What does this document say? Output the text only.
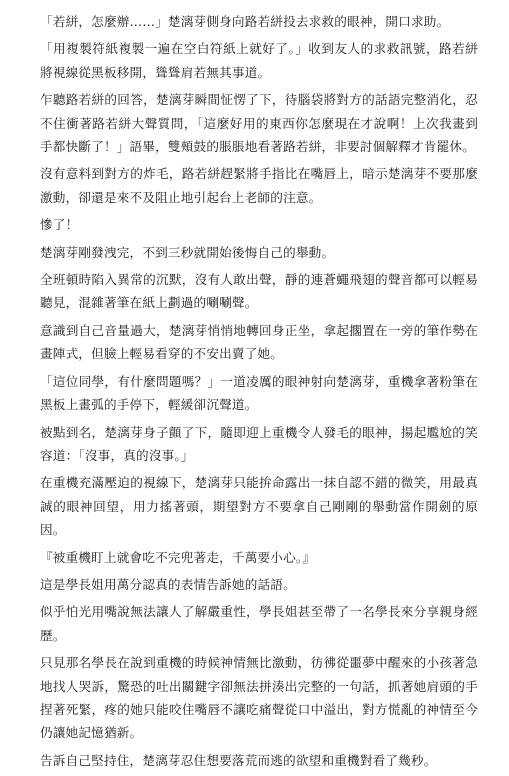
「若絣，怎麼辦……」楚漓芽側身向路若絣投去求救的眼神，開口求助。

「用複製符紙複製一遍在空白符紙上就好了。」收到友人的求救訊號，路若絣將視線從黑板移開，聳聳肩若無其事道。

乍聽路若絣的回答，楚漓芽瞬間怔愣了下，待腦袋將對方的話語完整消化，忍不住衝著路若絣大聲質問，「這麼好用的東西你怎麼現在才說啊！上次我畫到手都快斷了！」語畢，雙頰鼓的脹脹地看著路若絣，非要討個解釋才肯罷休。

沒有意料到對方的炸毛，路若絣趕緊將手指比在嘴唇上，暗示楚漓芽不要那麼激動，卻還是來不及阻止地引起台上老師的注意。

慘了！

楚漓芽剛發洩完，不到三秒就開始後悔自己的舉動。

全班頓時陷入異常的沉默，沒有人敢出聲，靜的連蒼蠅飛翅的聲音都可以輕易聽見，混雜著筆在紙上劃過的唰唰聲。

意識到自己音量過大，楚漓芽悄悄地轉回身正坐，拿起擱置在一旁的筆作勢在畫陣式，但臉上輕易看穿的不安出賣了她。

「這位同學，有什麼問題嗎？」一道凌厲的眼神射向楚漓芽，重機拿著粉筆在黑板上畫弧的手停下，輕緩卻沉聲道。

被點到名，楚漓芽身子顫了下，隨即迎上重機令人發毛的眼神，揚起尷尬的笑容道：「沒事，真的沒事。」

在重機充滿壓迫的視線下，楚漓芽只能拚命露出一抹自認不錯的微笑，用最真誠的眼神回望，用力搖著頭，期望對方不要拿自己剛剛的舉動當作開劍的原因。

『被重機盯上就會吃不完兜著走，千萬要小心。』

這是學長姐用萬分認真的表情告訴她的話語。

似乎怕光用嘴說無法讓人了解嚴重性，學長姐甚至帶了一名學長來分享親身經歷。

只見那名學長在說到重機的時候神情無比激動，彷彿從噩夢中醒來的小孩著急地找人哭訴，驚恐的吐出關鍵字卻無法拼湊出完整的一句話，抓著她肩頭的手捏著死緊，疼的她只能咬住嘴唇不讓吃痛聲從口中溢出，對方慌亂的神情至今仍讓她記憶猶新。

告訴自己堅持住，楚漓芽忍住想要落荒而逃的欲望和重機對看了幾秒。
